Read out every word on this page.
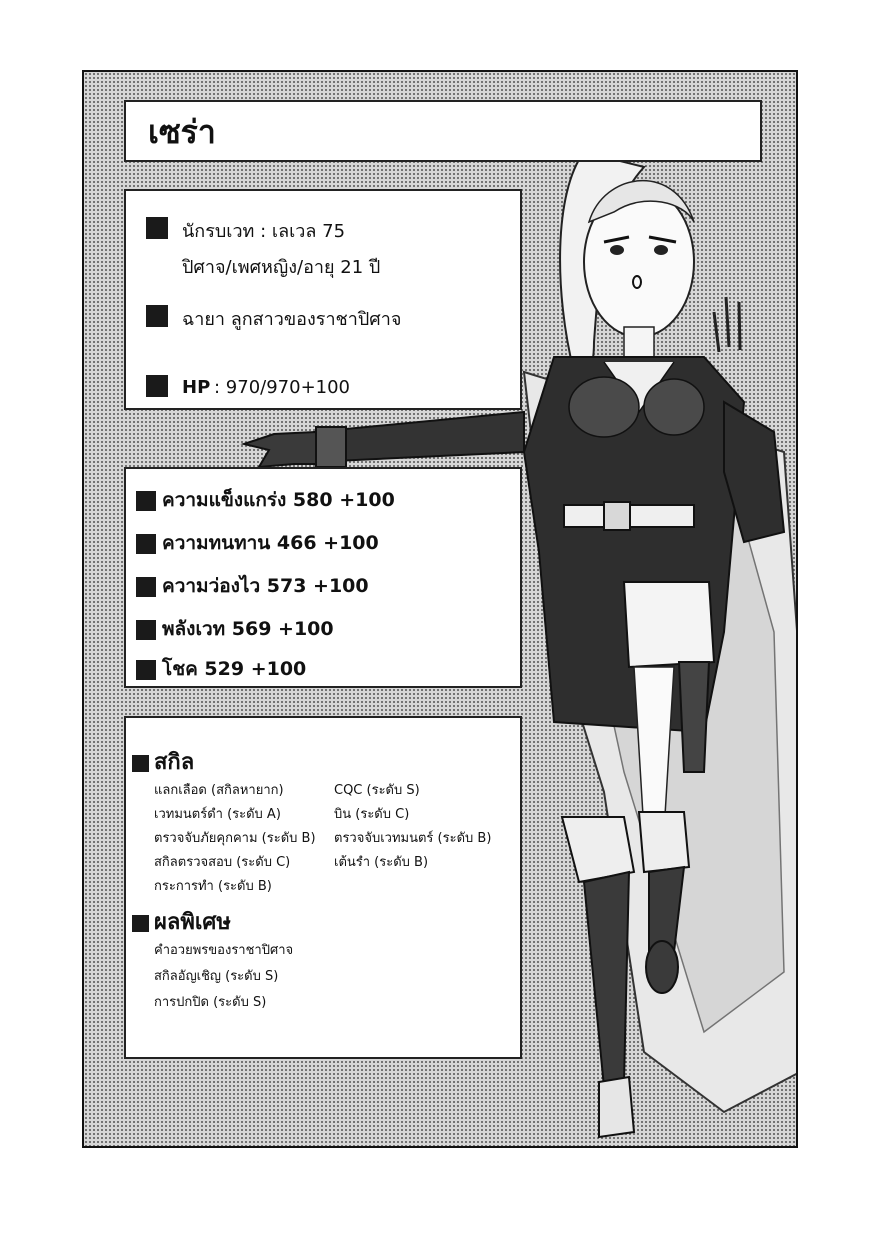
เซร่า
นักรบเวท : เลเวล 75
ปิศาจ/เพศหญิง/อายุ 21 ปี
ฉายา ลูกสาวของราชาปิศาจ
HP : 970/970+100
ความแข็งแกร่ง 580 +100
ความทนทาน 466 +100
ความว่องไว 573 +100
พลังเวท 569 +100
โชค 529 +100
สกิล
แลกเลือด (สกิลหายาก)
เวทมนตร์ดำ (ระดับ A)
ตรวจจับภัยคุกคาม (ระดับ B)
สกิลตรวจสอบ (ระดับ C)
กระการทำ (ระดับ B)
CQC (ระดับ S)
บิน (ระดับ C)
ตรวจจับเวทมนตร์ (ระดับ B)
เต้นรำ (ระดับ B)
ผลพิเศษ
คำอวยพรของราชาปิศาจ
สกิลอัญเชิญ (ระดับ S)
การปกปิด (ระดับ S)
